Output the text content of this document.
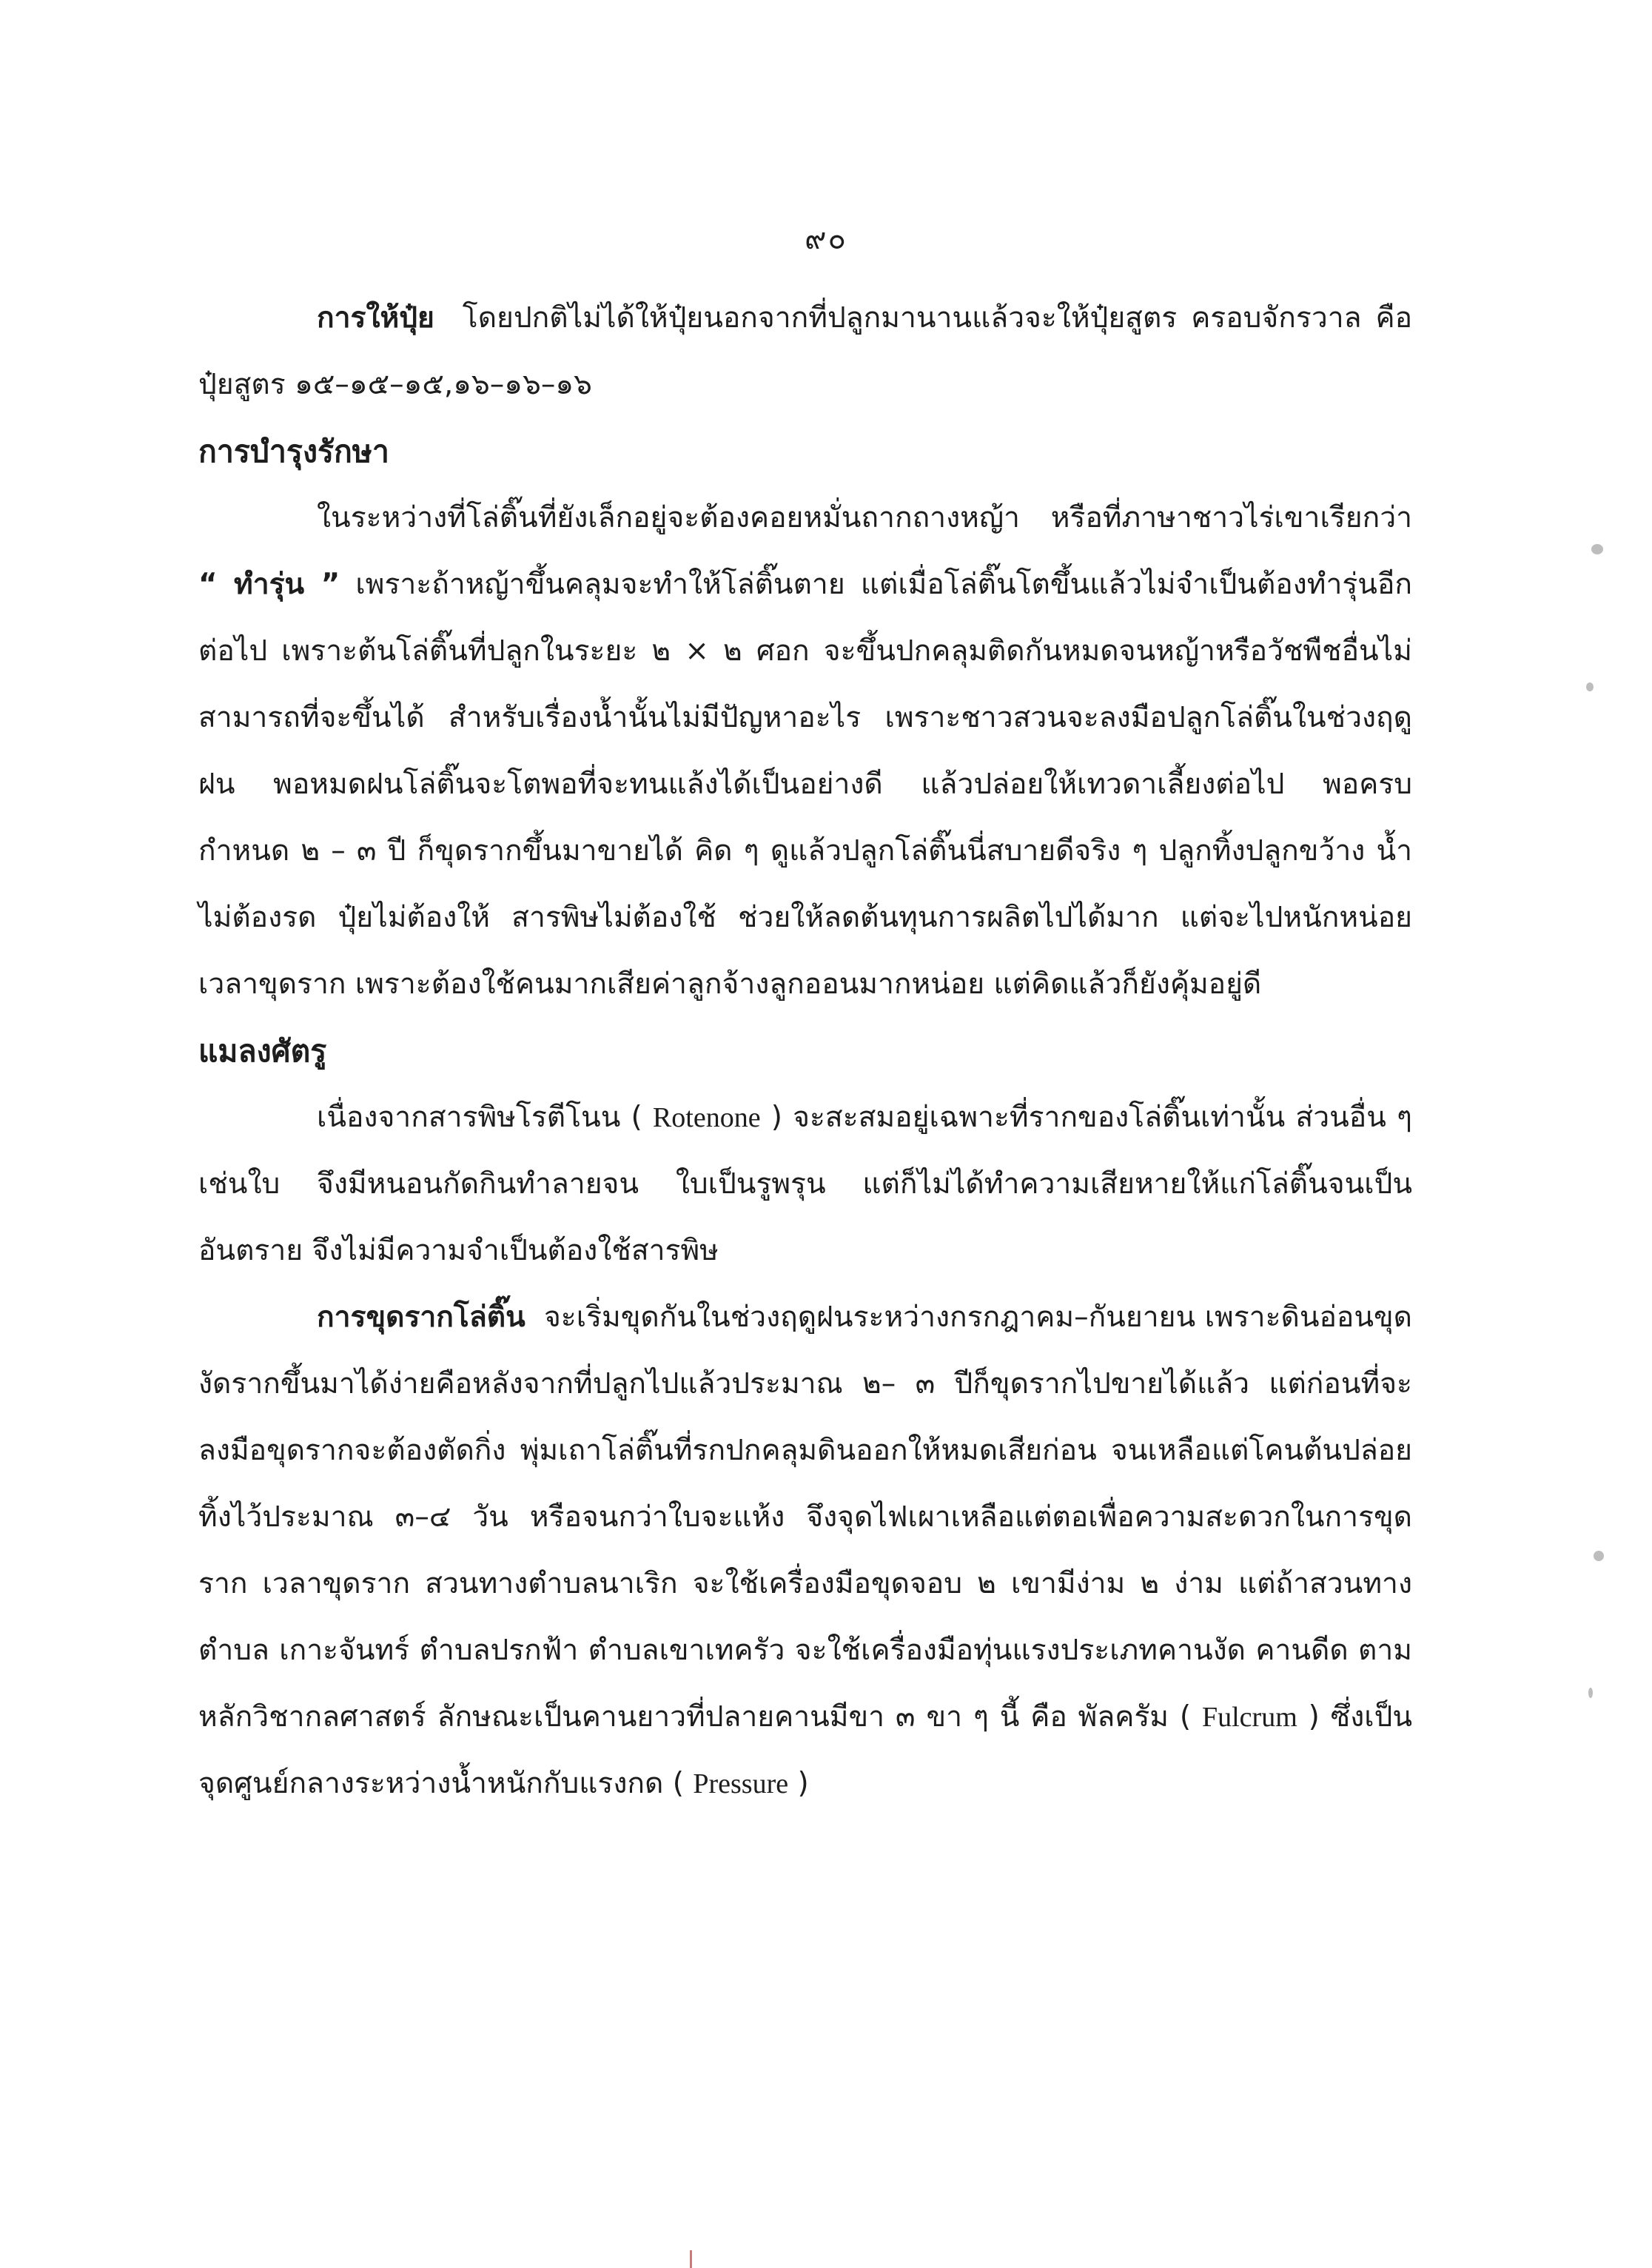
๙๐

การให้ปุ๋ย โดยปกติไม่ได้ให้ปุ๋ยนอกจากที่ปลูกมานานแล้วจะให้ปุ๋ยสูตร ครอบจักรวาล คือ ปุ๋ยสูตร ๑๕–๑๕–๑๕,๑๖–๑๖–๑๖

การบำรุงรักษา

ในระหว่างที่โล่ติ๊นที่ยังเล็กอยู่จะต้องคอยหมั่นถากถางหญ้า หรือที่ภาษาชาวไร่เขาเรียกว่า “ ทำรุ่น ” เพราะถ้าหญ้าขึ้นคลุมจะทำให้โล่ติ๊นตาย แต่เมื่อโล่ติ๊นโตขึ้นแล้วไม่จำเป็นต้องทำรุ่นอีกต่อไป เพราะต้นโล่ติ๊นที่ปลูกในระยะ ๒ × ๒ ศอก จะขึ้นปกคลุมติดกันหมดจนหญ้าหรือวัชพืชอื่นไม่สามารถที่จะขึ้นได้ สำหรับเรื่องน้ำนั้นไม่มีปัญหาอะไร เพราะชาวสวนจะลงมือปลูกโล่ติ๊นในช่วงฤดูฝน พอหมดฝนโล่ติ๊นจะโตพอที่จะทนแล้งได้เป็นอย่างดี แล้วปล่อยให้เทวดาเลี้ยงต่อไป พอครบกำหนด ๒ – ๓ ปี ก็ขุดรากขึ้นมาขายได้ คิด ๆ ดูแล้วปลูกโล่ติ๊นนี่สบายดีจริง ๆ ปลูกทิ้งปลูกขว้าง น้ำไม่ต้องรด ปุ๋ยไม่ต้องให้ สารพิษไม่ต้องใช้ ช่วยให้ลดต้นทุนการผลิตไปได้มาก แต่จะไปหนักหน่อยเวลาขุดราก เพราะต้องใช้คนมากเสียค่าลูกจ้างลูกออนมากหน่อย แต่คิดแล้วก็ยังคุ้มอยู่ดี

แมลงศัตรู

เนื่องจากสารพิษโรตีโนน ( Rotenone ) จะสะสมอยู่เฉพาะที่รากของโล่ติ๊นเท่านั้น ส่วนอื่น ๆ เช่นใบ จึงมีหนอนกัดกินทำลายจน ใบเป็นรูพรุน แต่ก็ไม่ได้ทำความเสียหายให้แก่โล่ติ๊นจนเป็นอันตราย จึงไม่มีความจำเป็นต้องใช้สารพิษ

การขุดรากโล่ติ๊น จะเริ่มขุดกันในช่วงฤดูฝนระหว่างกรกฎาคม–กันยายน เพราะดินอ่อนขุดงัดรากขึ้นมาได้ง่ายคือหลังจากที่ปลูกไปแล้วประมาณ ๒– ๓ ปีก็ขุดรากไปขายได้แล้ว แต่ก่อนที่จะลงมือขุดรากจะต้องตัดกิ่ง พุ่มเถาโล่ติ๊นที่รกปกคลุมดินออกให้หมดเสียก่อน จนเหลือแต่โคนต้นปล่อยทิ้งไว้ประมาณ ๓–๔ วัน หรือจนกว่าใบจะแห้ง จึงจุดไฟเผาเหลือแต่ตอเพื่อความสะดวกในการขุดราก เวลาขุดราก สวนทางตำบลนาเริก จะใช้เครื่องมือขุดจอบ ๒ เขามีง่าม ๒ ง่าม แต่ถ้าสวนทางตำบล เกาะจันทร์ ตำบลปรกฟ้า ตำบลเขาเทครัว จะใช้เครื่องมือทุ่นแรงประเภทคานงัด คานดีด ตามหลักวิชากลศาสตร์ ลักษณะเป็นคานยาวที่ปลายคานมีขา ๓ ขา ๆ นี้ คือ พัลครัม ( Fulcrum ) ซึ่งเป็นจุดศูนย์กลางระหว่างน้ำหนักกับแรงกด ( Pressure )
